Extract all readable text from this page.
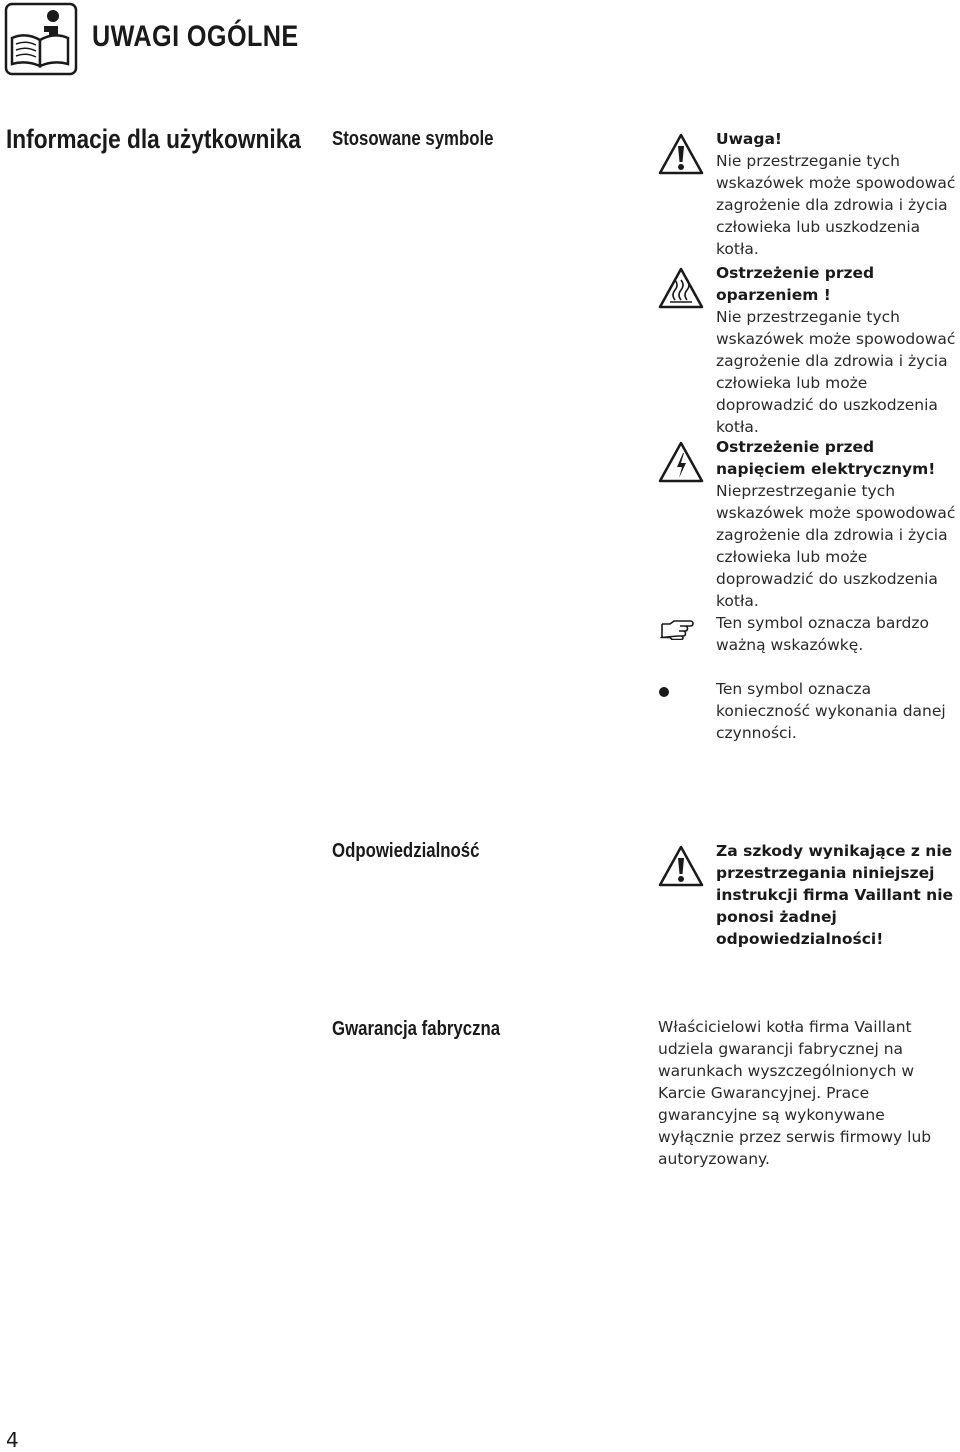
UWAGI OGÓLNE
Informacje dla użytkownika Stosowane symbole	Uwaga!
Nie przestrzeganie tych wskazówek może spowodować zagrożenie dla zdrowia i życia człowieka lub uszkodzenia kotła.
Ostrzeżenie przed oparzeniem !
Nie przestrzeganie tych wskazówek może spowodować zagrożenie dla zdrowia i życia człowieka lub może doprowadzić do uszkodzenia kotła.
Ostrzeżenie przed napięciem elektrycznym!
Nieprzestrzeganie tych wskazówek może spowodować zagrożenie dla zdrowia i życia człowieka lub może doprowadzić do uszkodzenia kotła.
Ten symbol oznacza bardzo ważną wskazówkę.
Ten symbol oznacza konieczność wykonania danej czynności.
Odpowiedzialność	Za szkody wynikające z nie przestrzegania niniejszej instrukcji firma Vaillant nie ponosi żadnej odpowiedzialności!
Gwarancja fabryczna	Właścicielowi kotła firma Vaillant udziela gwarancji fabrycznej na warunkach wyszczególnionych w Karcie Gwarancyjnej. Prace gwarancyjne są wykonywane wyłącznie przez serwis firmowy lub autoryzowany.
4
